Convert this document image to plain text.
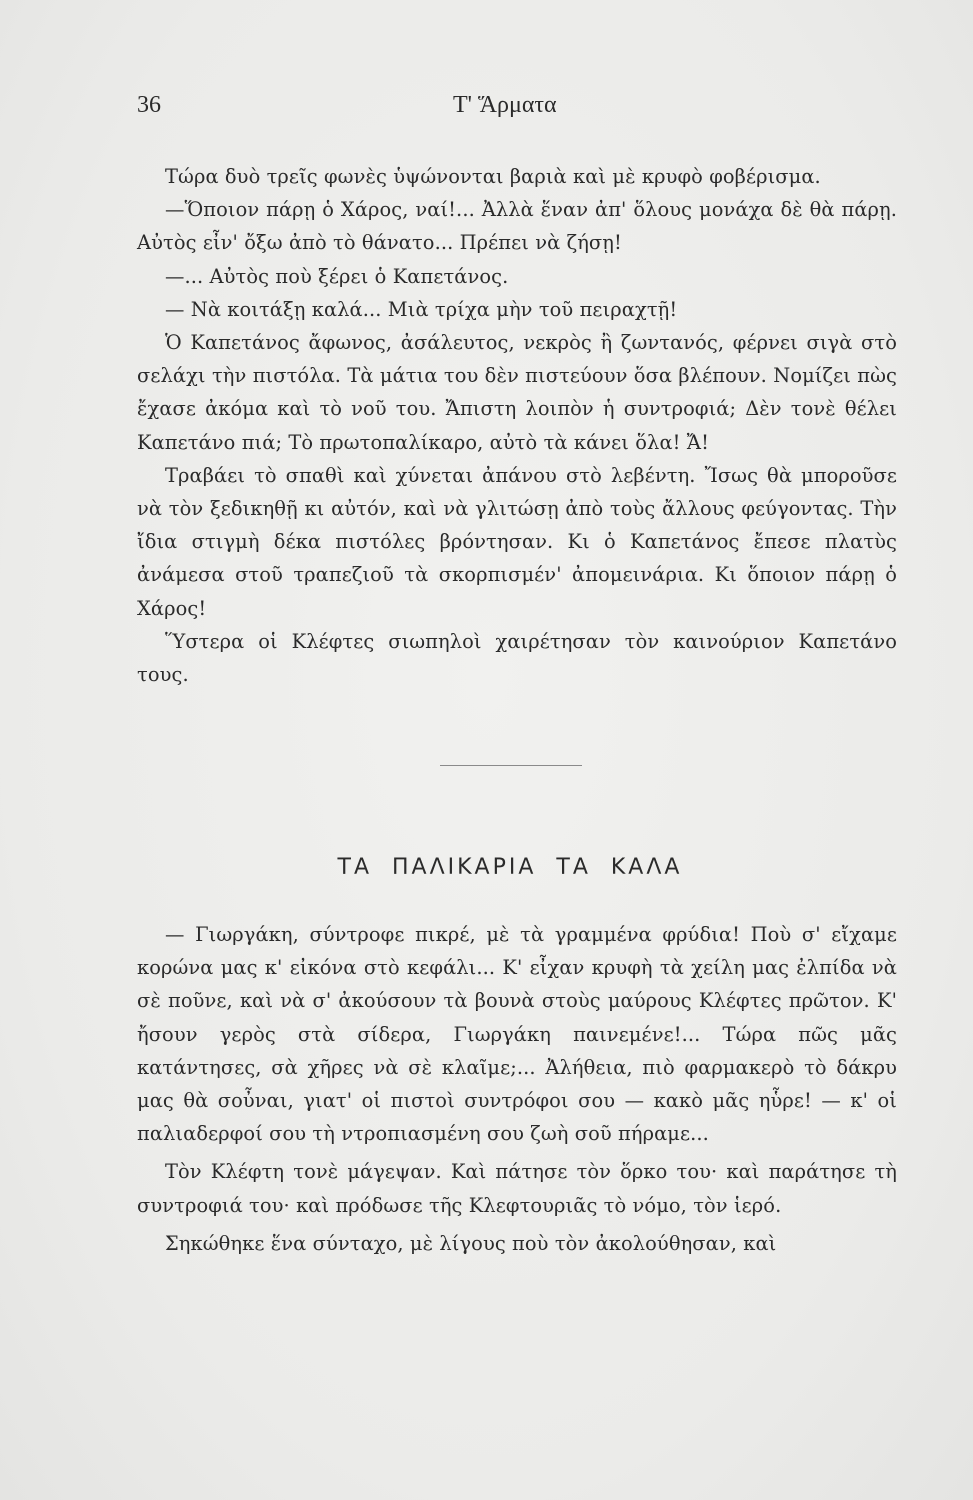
36	Τ' Ἅρματα

Τώρα δυὸ τρεῖς φωνὲς ὑψώνονται βαριὰ καὶ μὲ κρυφὸ φοβέρισμα.

—Ὅποιον πάρῃ ὁ Χάρος, ναί!... Ἀλλὰ ἕναν ἀπ' ὅλους μονάχα δὲ θὰ πάρῃ. Αὐτὸς εἶν' ὄξω ἀπὸ τὸ θάνατο... Πρέπει νὰ ζήσῃ!

—... Αὐτὸς ποὺ ξέρει ὁ Καπετάνος.

— Νὰ κοιτάξῃ καλά... Μιὰ τρίχα μὴν τοῦ πειραχτῇ!

Ὁ Καπετάνος ἄφωνος, ἀσάλευτος, νεκρὸς ἢ ζωντανός, φέρνει σιγὰ στὸ σελάχι τὴν πιστόλα. Τὰ μάτια του δὲν πιστεύουν ὅσα βλέπουν. Νομίζει πὼς ἔχασε ἀκόμα καὶ τὸ νοῦ του. Ἄπιστη λοιπὸν ἡ συντροφιά; Δὲν τονὲ θέλει Καπετάνο πιά; Τὸ πρωτοπαλίκαρο, αὐτὸ τὰ κάνει ὅλα! Ἄ!

Τραβάει τὸ σπαθὶ καὶ χύνεται ἀπάνου στὸ λεβέντη. Ἴσως θὰ μποροῦσε νὰ τὸν ξεδικηθῇ κι αὐτόν, καὶ νὰ γλιτώσῃ ἀπὸ τοὺς ἄλλους φεύγοντας. Τὴν ἴδια στιγμὴ δέκα πιστόλες βρόντησαν. Κι ὁ Καπετάνος ἔπεσε πλατὺς ἀνάμεσα στοῦ τραπεζιοῦ τὰ σκορπισμέν' ἀπομεινάρια. Κι ὅποιον πάρῃ ὁ Χάρος!

Ὕστερα οἱ Κλέφτες σιωπηλοὶ χαιρέτησαν τὸν καινούριον Καπετάνο τους.

ΤΑ ΠΑΛΙΚΑΡΙΑ ΤΑ ΚΑΛΑ

— Γιωργάκη, σύντροφε πικρέ, μὲ τὰ γραμμένα φρύδια! Ποὺ σ' εἴχαμε κορώνα μας κ' εἰκόνα στὸ κεφάλι... Κ' εἶχαν κρυφὴ τὰ χείλη μας ἐλπίδα νὰ σὲ ποῦνε, καὶ νὰ σ' ἀκούσουν τὰ βουνὰ στοὺς μαύρους Κλέφτες πρῶτον. Κ' ἤσουν γερὸς στὰ σίδερα, Γιωργάκη παινεμένε!... Τώρα πῶς μᾶς κατάντησες, σὰ χῆρες νὰ σὲ κλαῖμε;... Ἀλήθεια, πιὸ φαρμακερὸ τὸ δάκρυ μας θὰ σοὖναι, γιατ' οἱ πιστοὶ συντρόφοι σου — κακὸ μᾶς ηὗρε! — κ' οἱ παλιαδερφοί σου τὴ ντροπιασμένη σου ζωὴ σοῦ πήραμε...

Τὸν Κλέφτη τονὲ μάγεψαν. Καὶ πάτησε τὸν ὅρκο του· καὶ παράτησε τὴ συντροφιά του· καὶ πρόδωσε τῆς Κλεφτουριᾶς τὸ νόμο, τὸν ἱερό.

Σηκώθηκε ἕνα σύνταχο, μὲ λίγους ποὺ τὸν ἀκολούθησαν, καὶ
